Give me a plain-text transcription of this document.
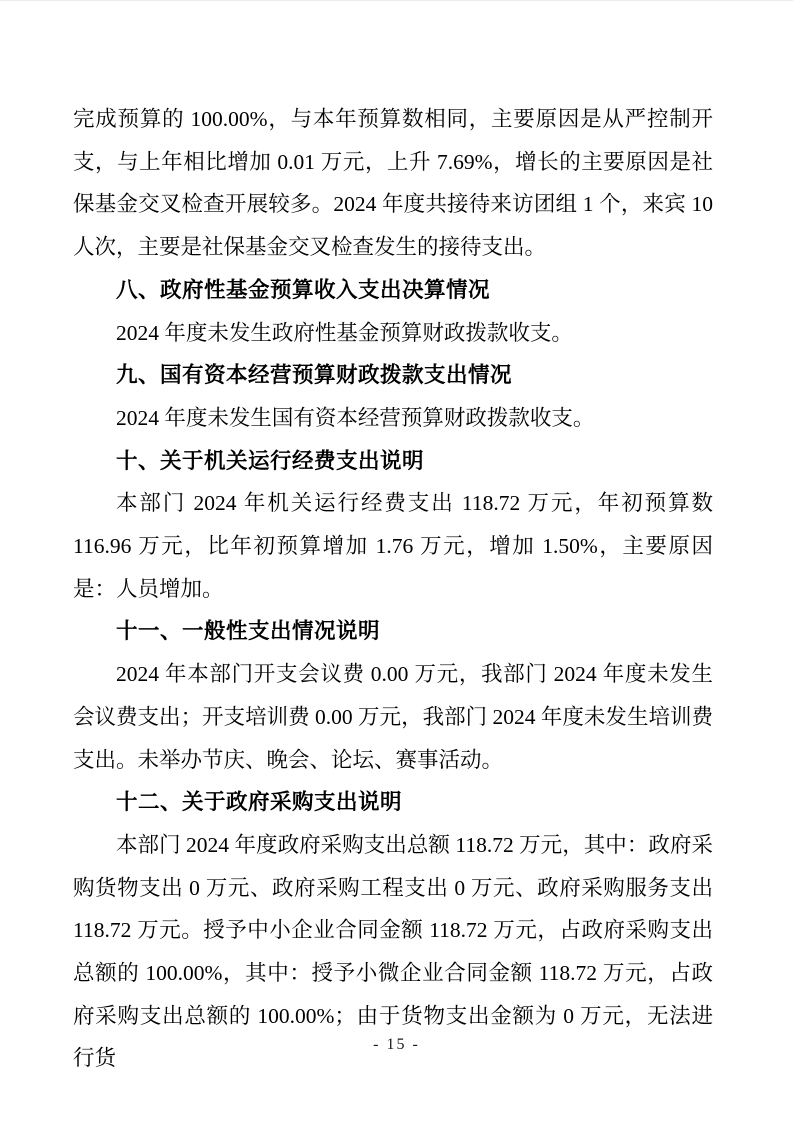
完成预算的 100.00%，与本年预算数相同，主要原因是从严控制开支，与上年相比增加 0.01 万元，上升 7.69%，增长的主要原因是社保基金交叉检查开展较多。2024 年度共接待来访团组 1 个，来宾 10 人次，主要是社保基金交叉检查发生的接待支出。

八、政府性基金预算收入支出决算情况

2024 年度未发生政府性基金预算财政拨款收支。

九、国有资本经营预算财政拨款支出情况

2024 年度未发生国有资本经营预算财政拨款收支。

十、关于机关运行经费支出说明

本部门 2024 年机关运行经费支出 118.72 万元，年初预算数 116.96 万元，比年初预算增加 1.76 万元，增加 1.50%，主要原因是：人员增加。

十一、一般性支出情况说明

2024 年本部门开支会议费 0.00 万元，我部门 2024 年度未发生会议费支出；开支培训费 0.00 万元，我部门 2024 年度未发生培训费支出。未举办节庆、晚会、论坛、赛事活动。

十二、关于政府采购支出说明

本部门 2024 年度政府采购支出总额 118.72 万元，其中：政府采购货物支出 0 万元、政府采购工程支出 0 万元、政府采购服务支出 118.72 万元。授予中小企业合同金额 118.72 万元，占政府采购支出总额的 100.00%，其中：授予小微企业合同金额 118.72 万元，占政府采购支出总额的 100.00%；由于货物支出金额为 0 万元，无法进行货

- 15 -
